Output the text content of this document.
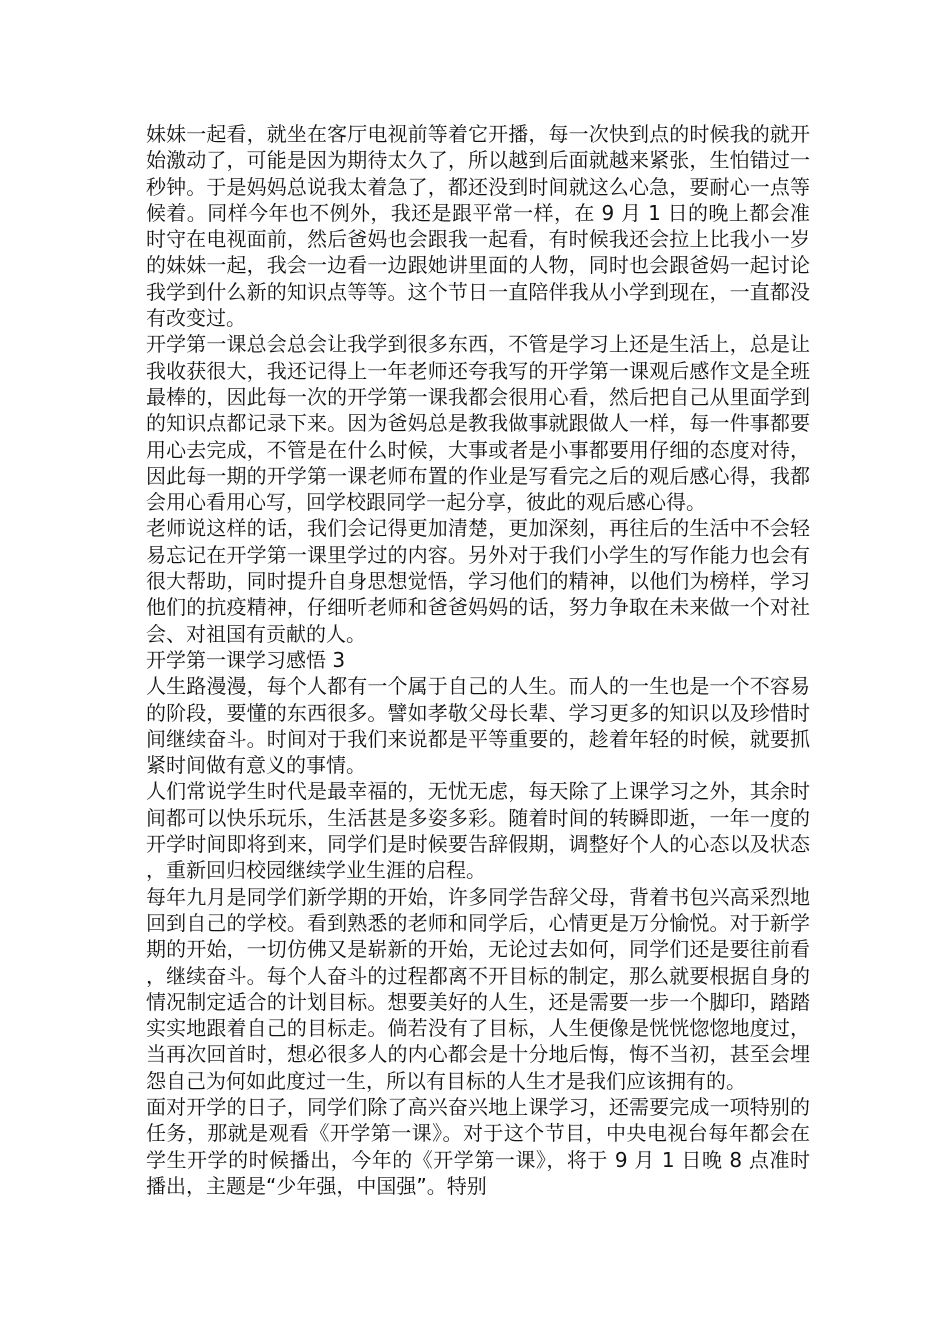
妹妹一起看，就坐在客厅电视前等着它开播，每一次快到点的时候我的就开始激动了，可能是因为期待太久了，所以越到后面就越来紧张，生怕错过一秒钟。于是妈妈总说我太着急了，都还没到时间就这么心急，要耐心一点等候着。同样今年也不例外，我还是跟平常一样，在 9 月 1 日的晚上都会准时守在电视面前，然后爸妈也会跟我一起看，有时候我还会拉上比我小一岁的妹妹一起，我会一边看一边跟她讲里面的人物，同时也会跟爸妈一起讨论我学到什么新的知识点等等。这个节日一直陪伴我从小学到现在，一直都没有改变过。

开学第一课总会总会让我学到很多东西，不管是学习上还是生活上，总是让我收获很大，我还记得上一年老师还夸我写的开学第一课观后感作文是全班最棒的，因此每一次的开学第一课我都会很用心看，然后把自己从里面学到的知识点都记录下来。因为爸妈总是教我做事就跟做人一样，每一件事都要用心去完成，不管是在什么时候，大事或者是小事都要用仔细的态度对待，因此每一期的开学第一课老师布置的作业是写看完之后的观后感心得，我都会用心看用心写，回学校跟同学一起分享，彼此的观后感心得。

老师说这样的话，我们会记得更加清楚，更加深刻，再往后的生活中不会轻易忘记在开学第一课里学过的内容。另外对于我们小学生的写作能力也会有很大帮助，同时提升自身思想觉悟，学习他们的精神，以他们为榜样，学习他们的抗疫精神，仔细听老师和爸爸妈妈的话，努力争取在未来做一个对社会、对祖国有贡献的人。

开学第一课学习感悟 3

人生路漫漫，每个人都有一个属于自己的人生。而人的一生也是一个不容易的阶段，要懂的东西很多。譬如孝敬父母长辈、学习更多的知识以及珍惜时间继续奋斗。时间对于我们来说都是平等重要的，趁着年轻的时候，就要抓紧时间做有意义的事情。

人们常说学生时代是最幸福的，无忧无虑，每天除了上课学习之外，其余时间都可以快乐玩乐，生活甚是多姿多彩。随着时间的转瞬即逝，一年一度的开学时间即将到来，同学们是时候要告辞假期，调整好个人的心态以及状态，重新回归校园继续学业生涯的启程。

每年九月是同学们新学期的开始，许多同学告辞父母，背着书包兴高采烈地回到自己的学校。看到熟悉的老师和同学后，心情更是万分愉悦。对于新学期的开始，一切仿佛又是崭新的开始，无论过去如何，同学们还是要往前看，继续奋斗。每个人奋斗的过程都离不开目标的制定，那么就要根据自身的情况制定适合的计划目标。想要美好的人生，还是需要一步一个脚印，踏踏实实地跟着自己的目标走。倘若没有了目标，人生便像是恍恍惚惚地度过，当再次回首时，想必很多人的内心都会是十分地后悔，悔不当初，甚至会埋怨自己为何如此度过一生，所以有目标的人生才是我们应该拥有的。

面对开学的日子，同学们除了高兴奋兴地上课学习，还需要完成一项特别的任务，那就是观看《开学第一课》。对于这个节目，中央电视台每年都会在学生开学的时候播出，今年的《开学第一课》，将于 9 月 1 日晚 8 点准时播出，主题是“少年强，中国强”。特别
